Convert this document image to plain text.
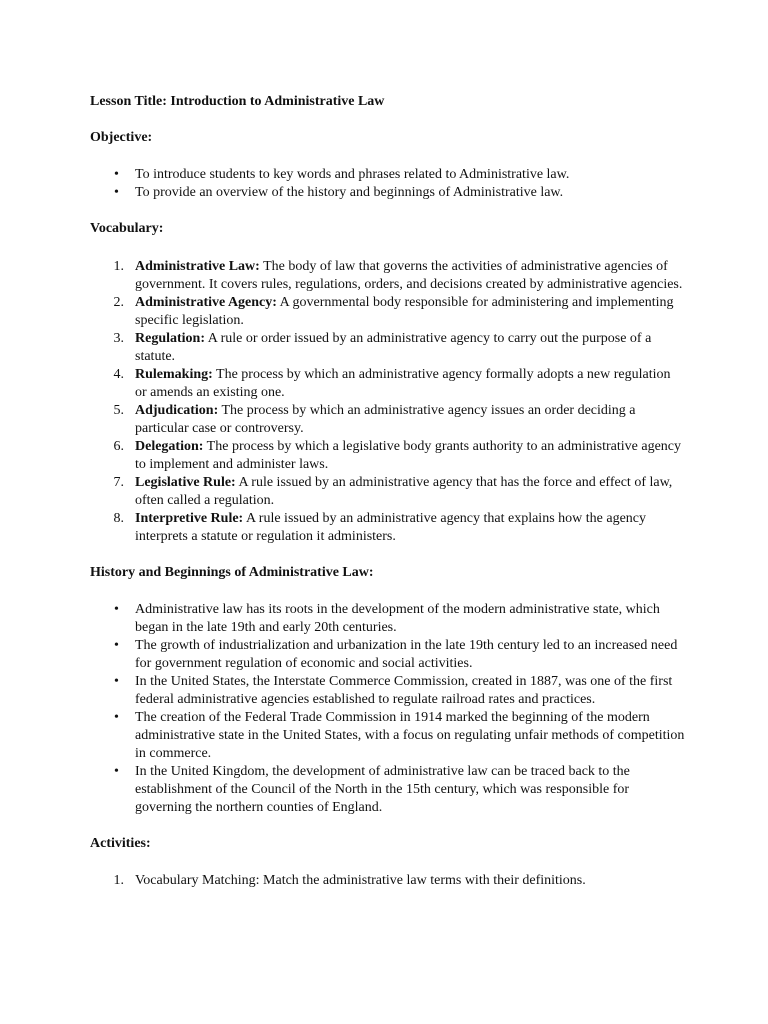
Lesson Title: Introduction to Administrative Law

Objective:

• To introduce students to key words and phrases related to Administrative law.
• To provide an overview of the history and beginnings of Administrative law.

Vocabulary:

1. Administrative Law: The body of law that governs the activities of administrative agencies of government. It covers rules, regulations, orders, and decisions created by administrative agencies.
2. Administrative Agency: A governmental body responsible for administering and implementing specific legislation.
3. Regulation: A rule or order issued by an administrative agency to carry out the purpose of a statute.
4. Rulemaking: The process by which an administrative agency formally adopts a new regulation or amends an existing one.
5. Adjudication: The process by which an administrative agency issues an order deciding a particular case or controversy.
6. Delegation: The process by which a legislative body grants authority to an administrative agency to implement and administer laws.
7. Legislative Rule: A rule issued by an administrative agency that has the force and effect of law, often called a regulation.
8. Interpretive Rule: A rule issued by an administrative agency that explains how the agency interprets a statute or regulation it administers.

History and Beginnings of Administrative Law:

• Administrative law has its roots in the development of the modern administrative state, which began in the late 19th and early 20th centuries.
• The growth of industrialization and urbanization in the late 19th century led to an increased need for government regulation of economic and social activities.
• In the United States, the Interstate Commerce Commission, created in 1887, was one of the first federal administrative agencies established to regulate railroad rates and practices.
• The creation of the Federal Trade Commission in 1914 marked the beginning of the modern administrative state in the United States, with a focus on regulating unfair methods of competition in commerce.
• In the United Kingdom, the development of administrative law can be traced back to the establishment of the Council of the North in the 15th century, which was responsible for governing the northern counties of England.

Activities:

1. Vocabulary Matching: Match the administrative law terms with their definitions.
